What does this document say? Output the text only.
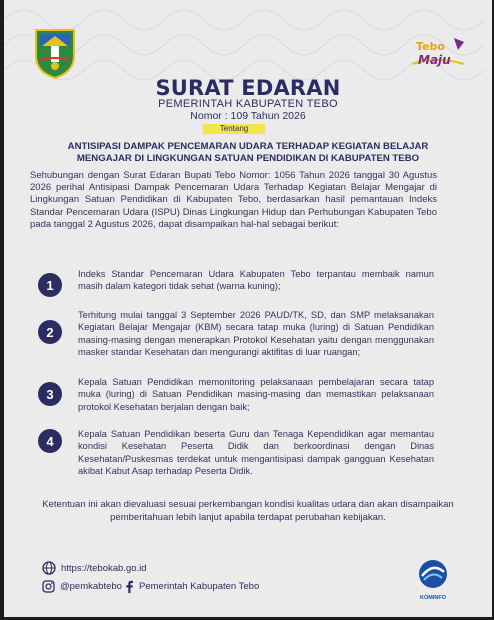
Tebo
Maju
SURAT EDARAN
PEMERINTAH KABUPATEN TEBO
Nomor : 109 Tahun 2026
Tentang
ANTISIPASI DAMPAK PENCEMARAN UDARA TERHADAP KEGIATAN BELAJAR
MENGAJAR DI LINGKUNGAN SATUAN PENDIDIKAN DI KABUPATEN TEBO
Sehubungan dengan Surat Edaran Bupati Tebo Nomor: 1056 Tahun 2026 tanggal 30 Agustus 2026 perihal Antisipasi Dampak Pencemaran Udara Terhadap Kegiatan Belajar Mengajar di Lingkungan Satuan Pendidikan di Kabupaten Tebo, berdasarkan hasil pemantauan Indeks Standar Pencemaran Udara (ISPU) Dinas Lingkungan Hidup dan Perhubungan Kabupaten Tebo pada tanggal 2 Agustus 2026, dapat disampaikan hal-hal sebagai berikut:
1
Indeks Standar Pencemaran Udara Kabupaten Tebo terpantau membaik namun masih dalam kategori tidak sehat (warna kuning);
2
Terhitung mulai tanggal 3 September 2026 PAUD/TK, SD, dan SMP melaksanakan Kegiatan Belajar Mengajar (KBM) secara tatap muka (luring) di Satuan Pendidikan masing-masing dengan menerapkan Protokol Kesehatan yaitu dengan menggunakan masker standar Kesehatan dan mengurangi aktifitas di luar ruangan;
3
Kepala Satuan Pendidikan memonitoring pelaksanaan pembelajaran secara tatap muka (luring) di Satuan Pendidikan masing-masing dan memastikan pelaksanaan protokol Kesehatan berjalan dengan baik;
4	Kepala Satuan Pendidikan beserta Guru dan Tenaga Kependidikan agar memantau kondisi Kesehatan Peserta Didik dan berkoordinasi dengan Dinas Kesehatan/Puskesmas terdekat untuk mengantisipasi dampak gangguan Kesehatan akibat Kabut Asap terhadap Peserta Didik.
Ketentuan ini akan dievaluasi sesuai perkembangan kondisi kualitas udara dan akan disampaikan pemberitahuan lebih lanjut apabila terdapat perubahan kebijakan.
https://tebokab.go.id
@pemkabtebo Pemerintah Kabupaten Tebo
KOMINFO
